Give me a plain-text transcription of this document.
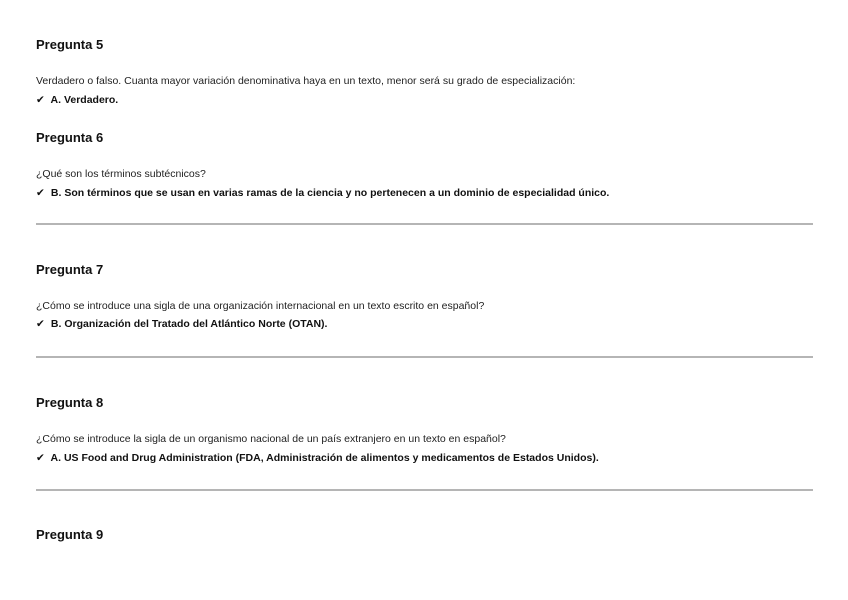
Pregunta 5
Verdadero o falso. Cuanta mayor variación denominativa haya en un texto, menor será su grado de especialización:
✔ A. Verdadero.
Pregunta 6
¿Qué son los términos subtécnicos?
✔ B. Son términos que se usan en varias ramas de la ciencia y no pertenecen a un dominio de especialidad único.
Pregunta 7
¿Cómo se introduce una sigla de una organización internacional en un texto escrito en español?
✔ B. Organización del Tratado del Atlántico Norte (OTAN).
Pregunta 8
¿Cómo se introduce la sigla de un organismo nacional de un país extranjero en un texto en español?
✔ A. US Food and Drug Administration (FDA, Administración de alimentos y medicamentos de Estados Unidos).
Pregunta 9
